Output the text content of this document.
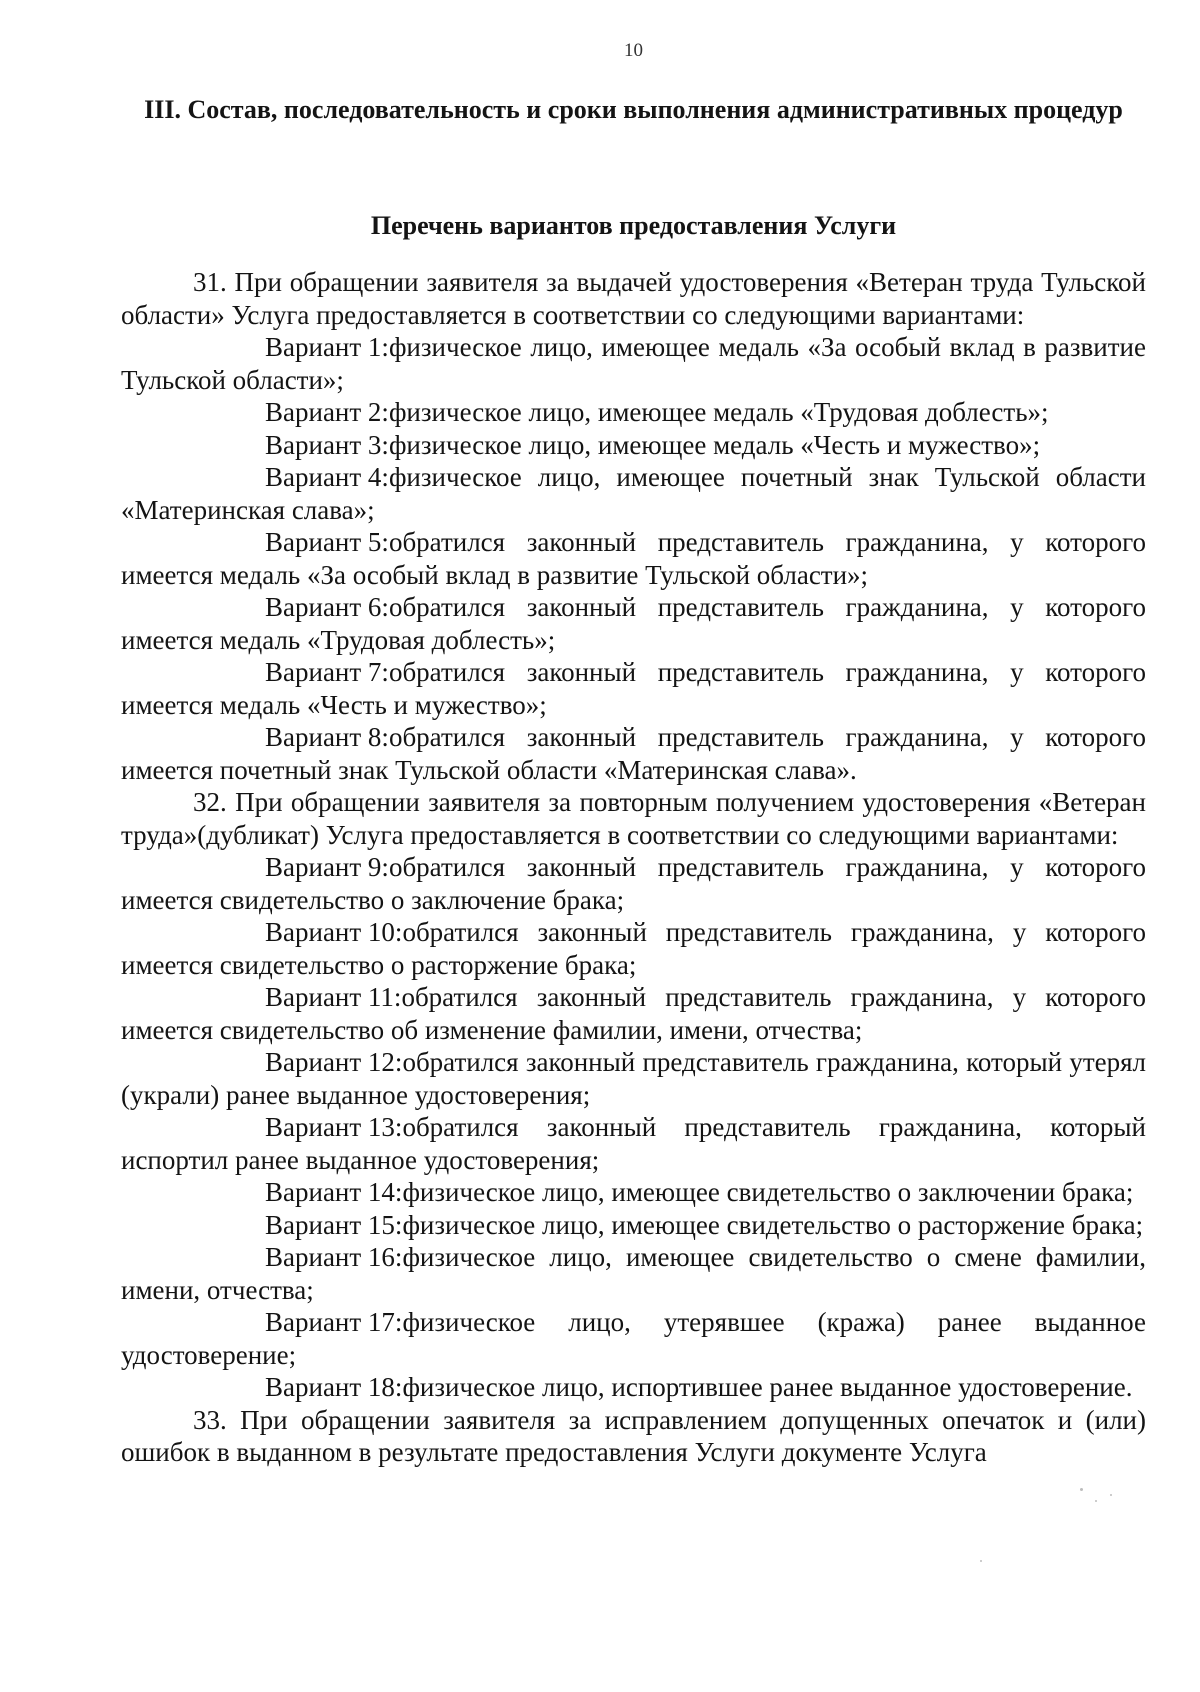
10
III. Состав, последовательность и сроки выполнения административных процедур
Перечень вариантов предоставления Услуги

31. При обращении заявителя за выдачей удостоверения «Ветеран труда Тульской области» Услуга предоставляется в соответствии со следующими вариантами:

Вариант 1:физическое лицо, имеющее медаль «За особый вклад в развитие Тульской области»;

Вариант 2:физическое лицо, имеющее медаль «Трудовая доблесть»;

Вариант 3:физическое лицо, имеющее медаль «Честь и мужество»;

Вариант 4:физическое лицо, имеющее почетный знак Тульской области «Материнская слава»;

Вариант 5:обратился законный представитель гражданина, у которого имеется медаль «За особый вклад в развитие Тульской области»;

Вариант 6:обратился законный представитель гражданина, у которого имеется медаль «Трудовая доблесть»;

Вариант 7:обратился законный представитель гражданина, у которого имеется медаль «Честь и мужество»;

Вариант 8:обратился законный представитель гражданина, у которого имеется почетный знак Тульской области «Материнская слава».

32. При обращении заявителя за повторным получением удостоверения «Ветеран труда»(дубликат) Услуга предоставляется в соответствии со следующими вариантами:

Вариант 9:обратился законный представитель гражданина, у которого имеется свидетельство о заключение брака;

Вариант 10:обратился законный представитель гражданина, у которого имеется свидетельство о расторжение брака;

Вариант 11:обратился законный представитель гражданина, у которого имеется свидетельство об изменение фамилии, имени, отчества;

Вариант 12:обратился законный представитель гражданина, который утерял (украли) ранее выданное удостоверения;

Вариант 13:обратился законный представитель гражданина, который испортил ранее выданное удостоверения;

Вариант 14:физическое лицо, имеющее свидетельство о заключении брака;

Вариант 15:физическое лицо, имеющее свидетельство о расторжение брака;

Вариант 16:физическое лицо, имеющее свидетельство о смене фамилии, имени, отчества;

Вариант 17:физическое лицо, утерявшее (кража) ранее выданное удостоверение;

Вариант 18:физическое лицо, испортившее ранее выданное удостоверение.

33. При обращении заявителя за исправлением допущенных опечаток и (или) ошибок в выданном в результате предоставления Услуги документе Услуга
